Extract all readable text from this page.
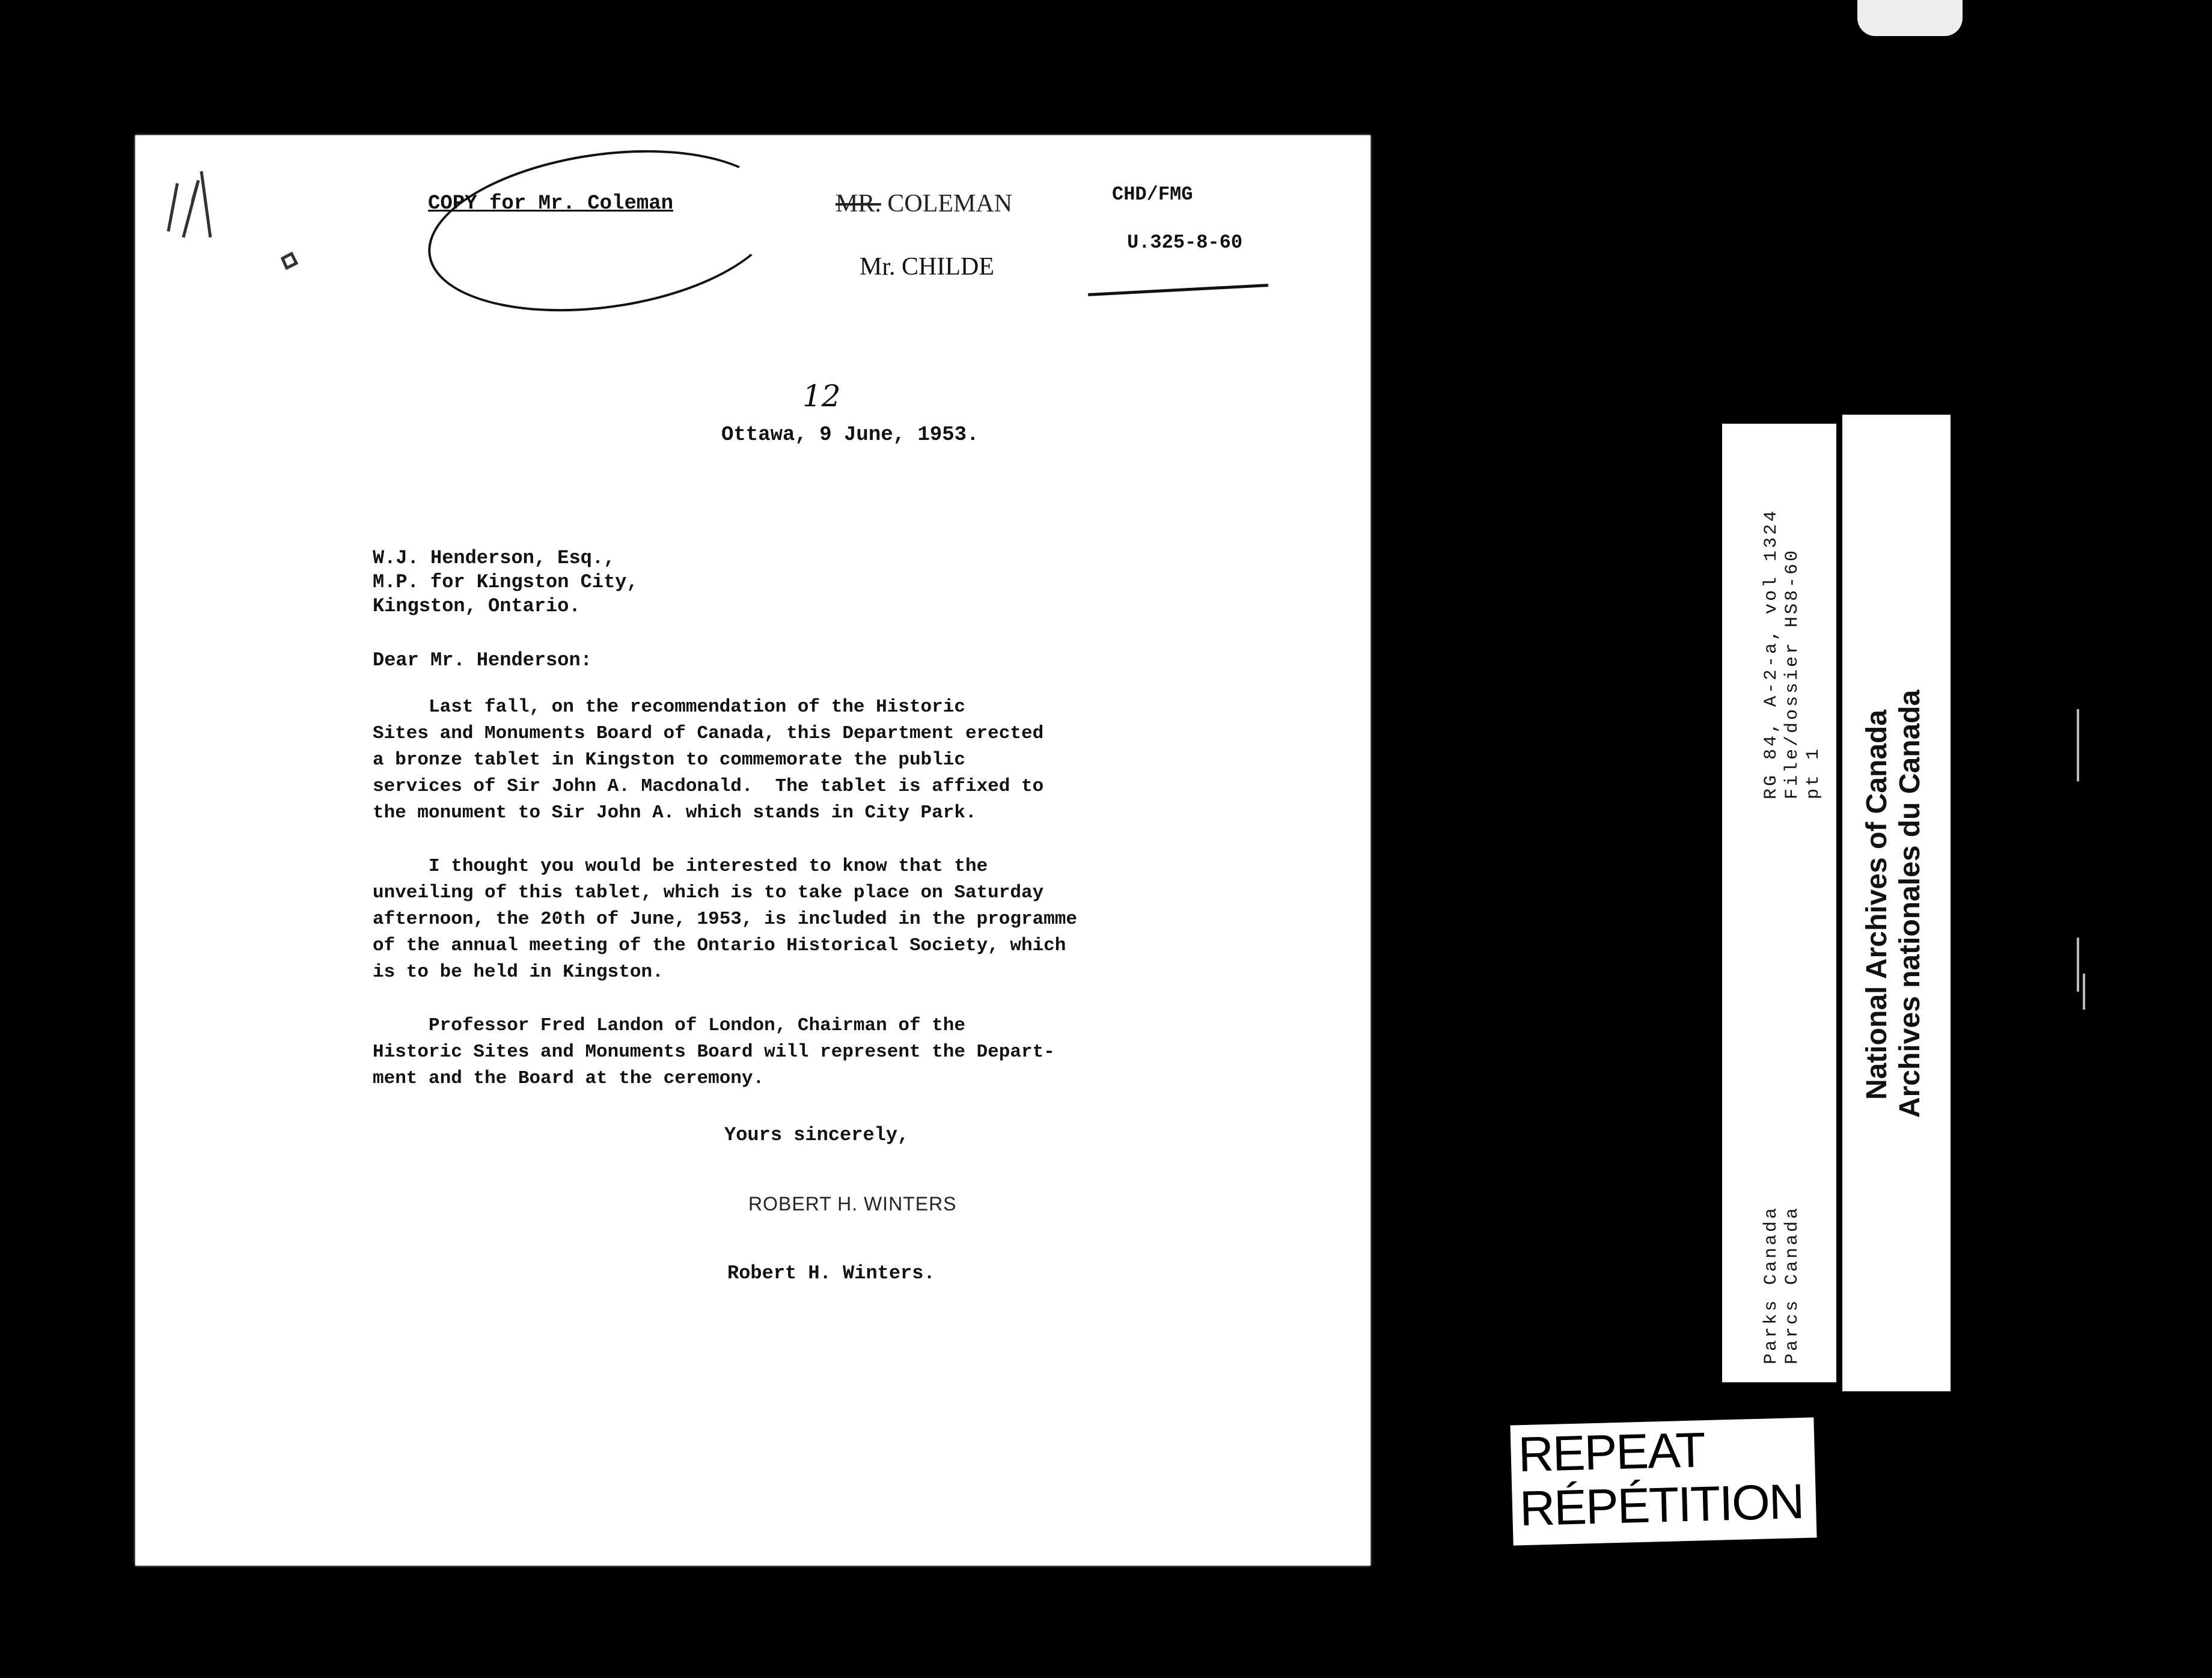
COPY for Mr. Coleman	MR. COLEMAN
Mr. CHILDE
CHD/FMG
U.325-8-60
12
Ottawa, 9 June, 1953.
W.J. Henderson, Esq.,
M.P. for Kingston City,
Kingston, Ontario.
Dear Mr. Henderson:
Last fall, on the recommendation of the Historic
Sites and Monuments Board of Canada, this Department erected
a bronze tablet in Kingston to commemorate the public
services of Sir John A. Macdonald.  The tablet is affixed to
the monument to Sir John A. which stands in City Park.
I thought you would be interested to know that the
unveiling of this tablet, which is to take place on Saturday
afternoon, the 20th of June, 1953, is included in the programme
of the annual meeting of the Ontario Historical Society, which
is to be held in Kingston.
Professor Fred Landon of London, Chairman of the
Historic Sites and Monuments Board will represent the Depart-
ment and the Board at the ceremony.
Yours sincerely,
ROBERT H. WINTERS
Robert H. Winters.
RG 84, A-2-a, vol 1324 File/dossier HS8-60 pt 1
Parks Canada Parcs Canada
National Archives of Canada Archives nationales du Canada
REPEAT
RÉPÉTITION
